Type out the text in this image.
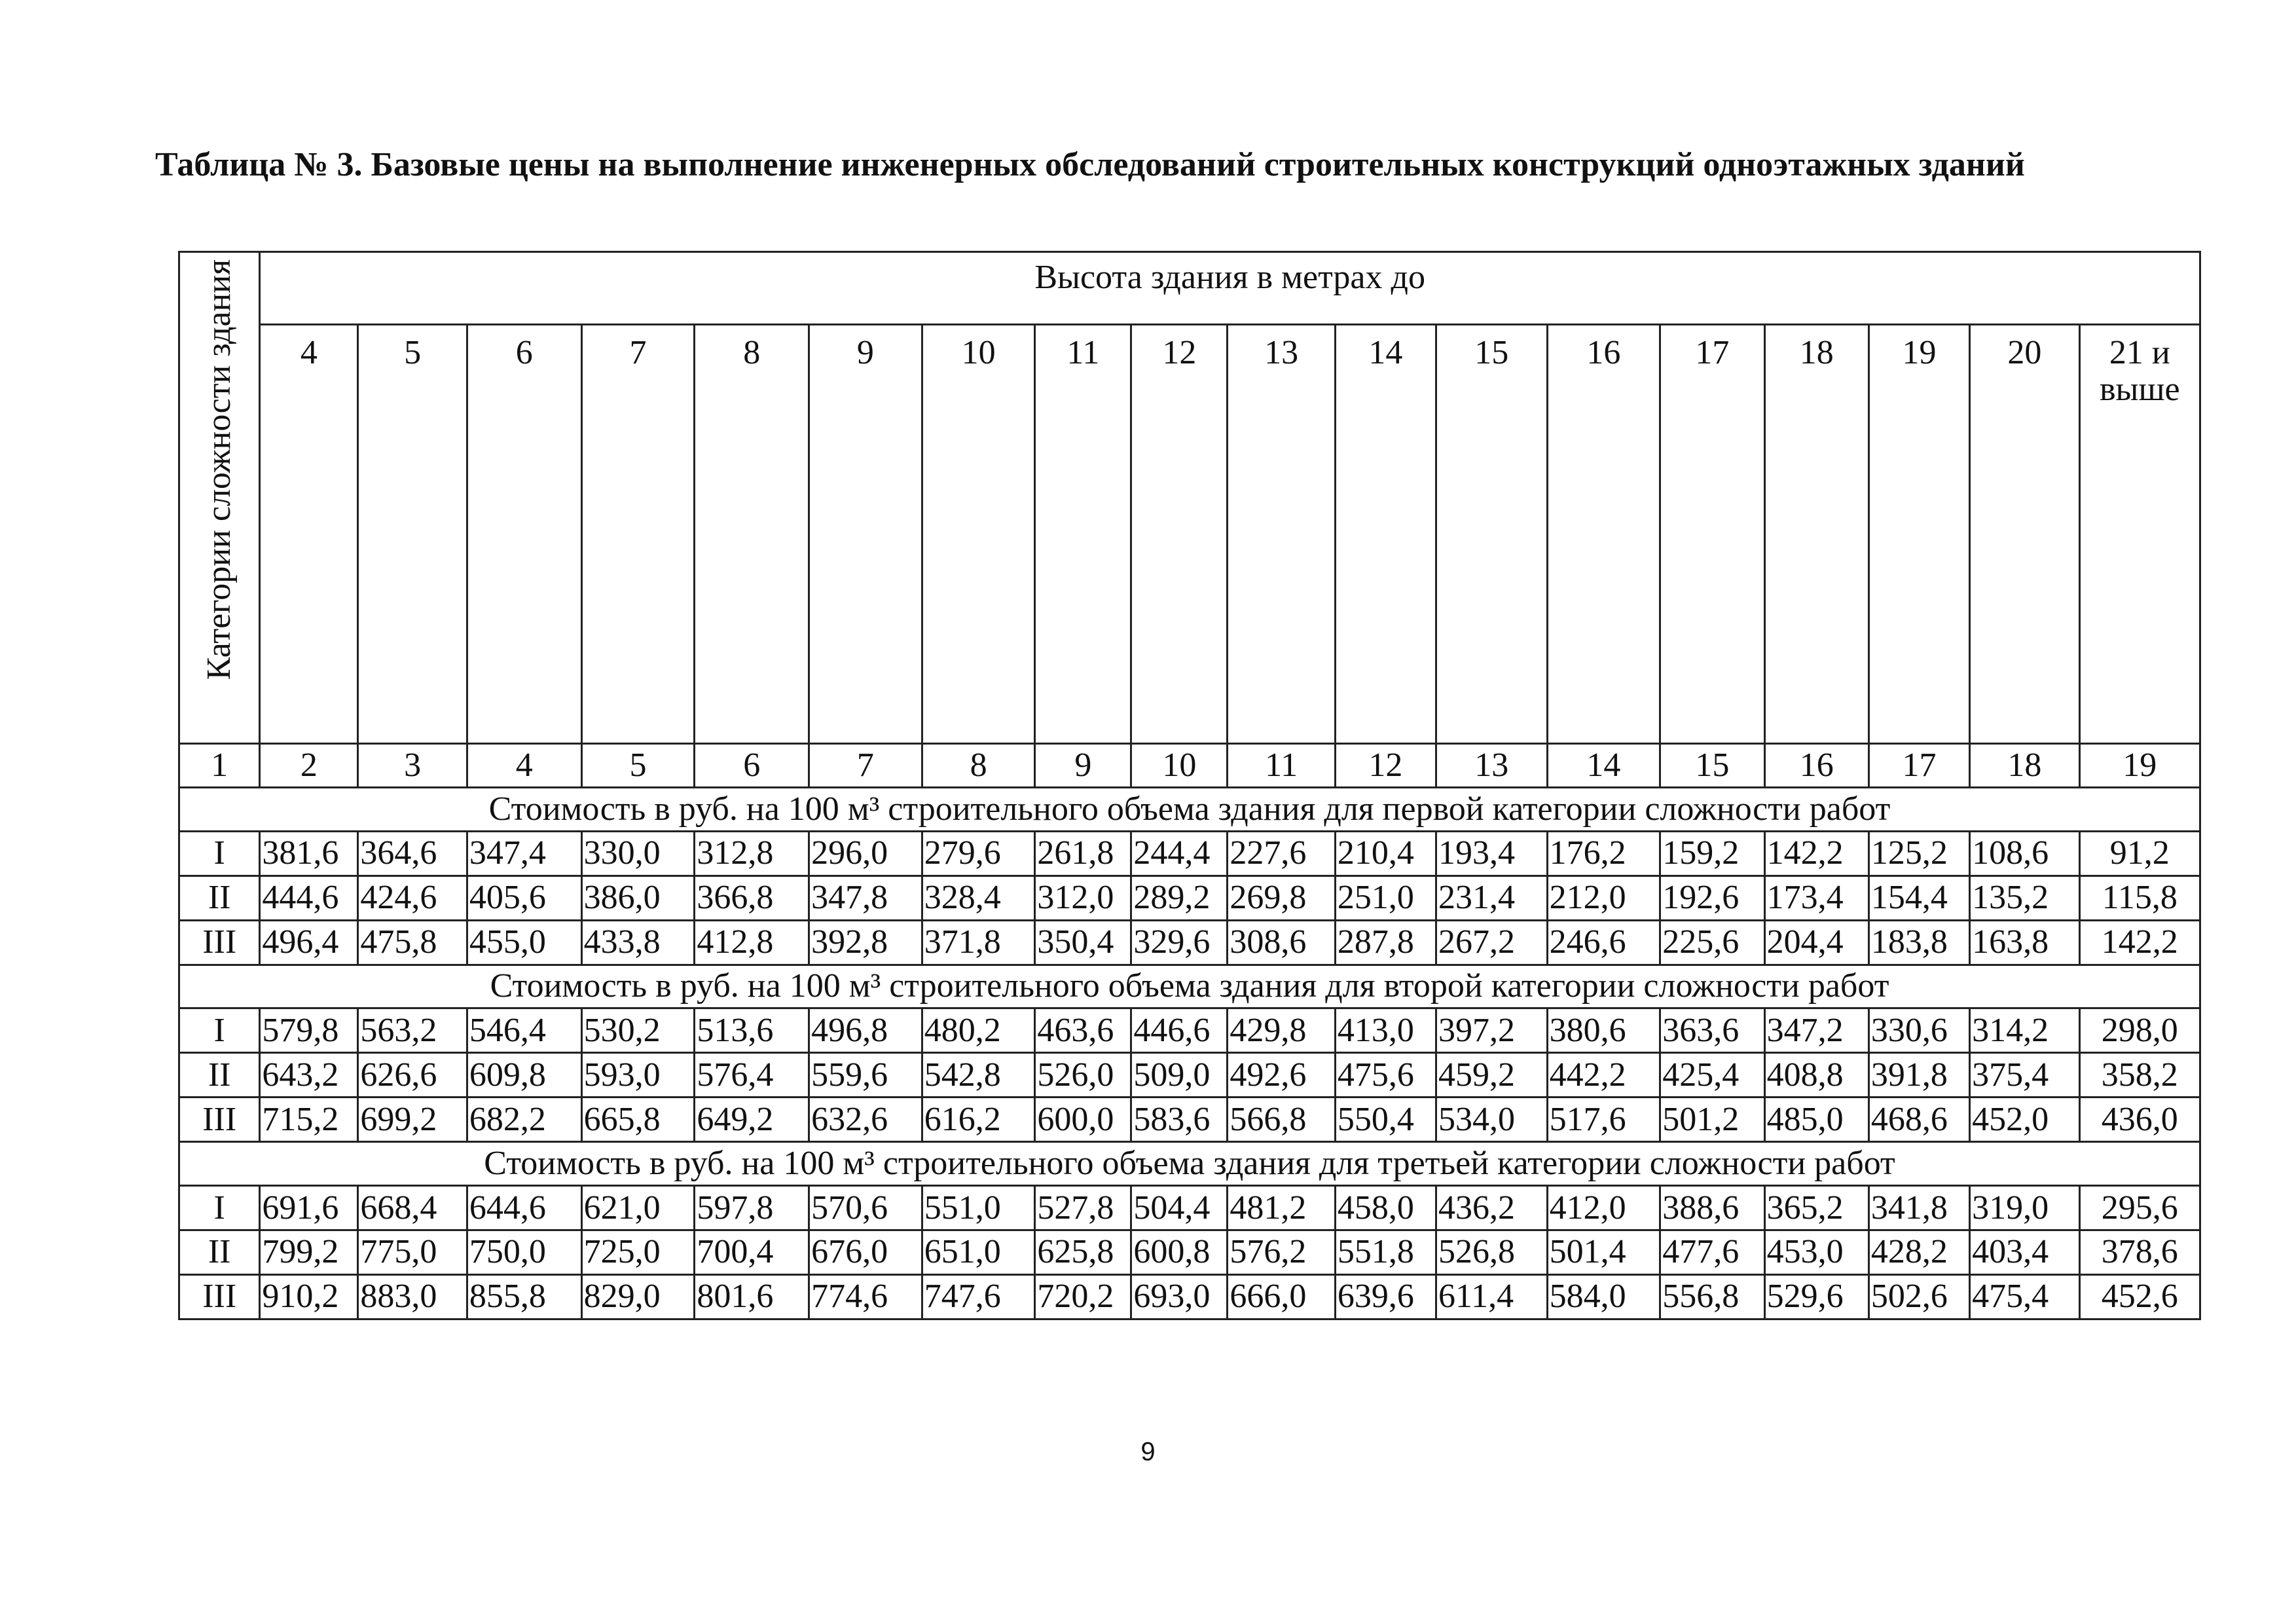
Таблица № 3. Базовые цены на выполнение инженерных обследований строительных конструкций одноэтажных зданий

Категории сложности здания	Высота здания в метрах до																	
	4	5	6	7	8	9	10	11	12	13	14	15	16	17	18	19	20	21 и выше
1	2	3	4	5	6	7	8	9	10	11	12	13	14	15	16	17	18	19
Стоимость в руб. на 100 м³ строительного объема здания для первой категории сложности работ																		
I	381,6	364,6	347,4	330,0	312,8	296,0	279,6	261,8	244,4	227,6	210,4	193,4	176,2	159,2	142,2	125,2	108,6	91,2
II	444,6	424,6	405,6	386,0	366,8	347,8	328,4	312,0	289,2	269,8	251,0	231,4	212,0	192,6	173,4	154,4	135,2	115,8
III	496,4	475,8	455,0	433,8	412,8	392,8	371,8	350,4	329,6	308,6	287,8	267,2	246,6	225,6	204,4	183,8	163,8	142,2
Стоимость в руб. на 100 м³ строительного объема здания для второй категории сложности работ																		
I	579,8	563,2	546,4	530,2	513,6	496,8	480,2	463,6	446,6	429,8	413,0	397,2	380,6	363,6	347,2	330,6	314,2	298,0
II	643,2	626,6	609,8	593,0	576,4	559,6	542,8	526,0	509,0	492,6	475,6	459,2	442,2	425,4	408,8	391,8	375,4	358,2
III	715,2	699,2	682,2	665,8	649,2	632,6	616,2	600,0	583,6	566,8	550,4	534,0	517,6	501,2	485,0	468,6	452,0	436,0
Стоимость в руб. на 100 м³ строительного объема здания для третьей категории сложности работ																		
I	691,6	668,4	644,6	621,0	597,8	570,6	551,0	527,8	504,4	481,2	458,0	436,2	412,0	388,6	365,2	341,8	319,0	295,6
II	799,2	775,0	750,0	725,0	700,4	676,0	651,0	625,8	600,8	576,2	551,8	526,8	501,4	477,6	453,0	428,2	403,4	378,6
III	910,2	883,0	855,8	829,0	801,6	774,6	747,6	720,2	693,0	666,0	639,6	611,4	584,0	556,8	529,6	502,6	475,4	452,6
9
